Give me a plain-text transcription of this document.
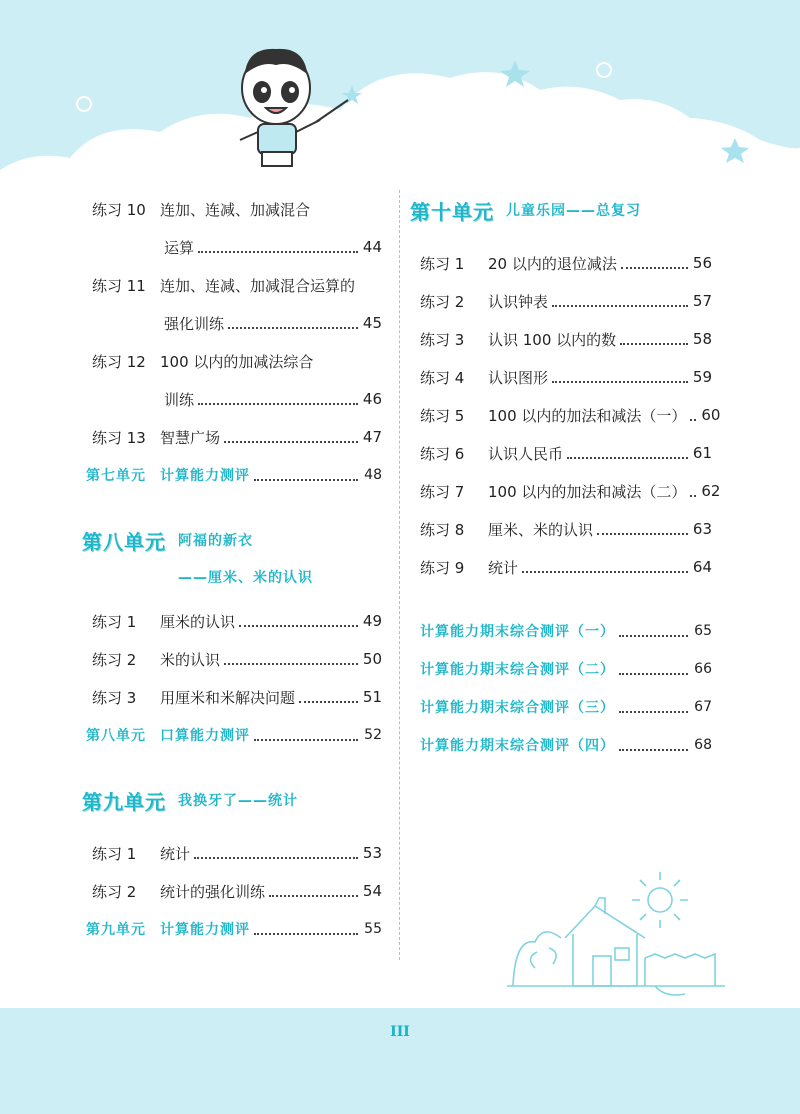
练习 10 连加、连减、加减混合
运算	44
练习 11 连加、连减、加减混合运算的
强化训练	45
练习 12 100 以内的加减法综合
训练	46
练习 13 智慧广场	47
第七单元	计算能力测评	48
第八单元 阿福的新衣
——厘米、米的认识
练习 1	厘米的认识	49
练习 2	米的认识	50
练习 3	用厘米和米解决问题	51
第八单元	口算能力测评	52
第九单元 我换牙了——统计
练习 1	统计	53
练习 2	统计的强化训练	54
第九单元	计算能力测评	55
第十单元 儿童乐园——总复习
练习 1	20 以内的退位减法	56
练习 2	认识钟表	57
练习 3	认识 100 以内的数	58
练习 4	认识图形	59
练习 5	100 以内的加法和减法（一） 60
练习 6	认识人民币	61
练习 7	100 以内的加法和减法（二） 62
练习 8	厘米、米的认识	63
练习 9	统计	64
计算能力期末综合测评（一）	65
计算能力期末综合测评（二）	66
计算能力期末综合测评（三）	67
计算能力期末综合测评（四）	68
III
